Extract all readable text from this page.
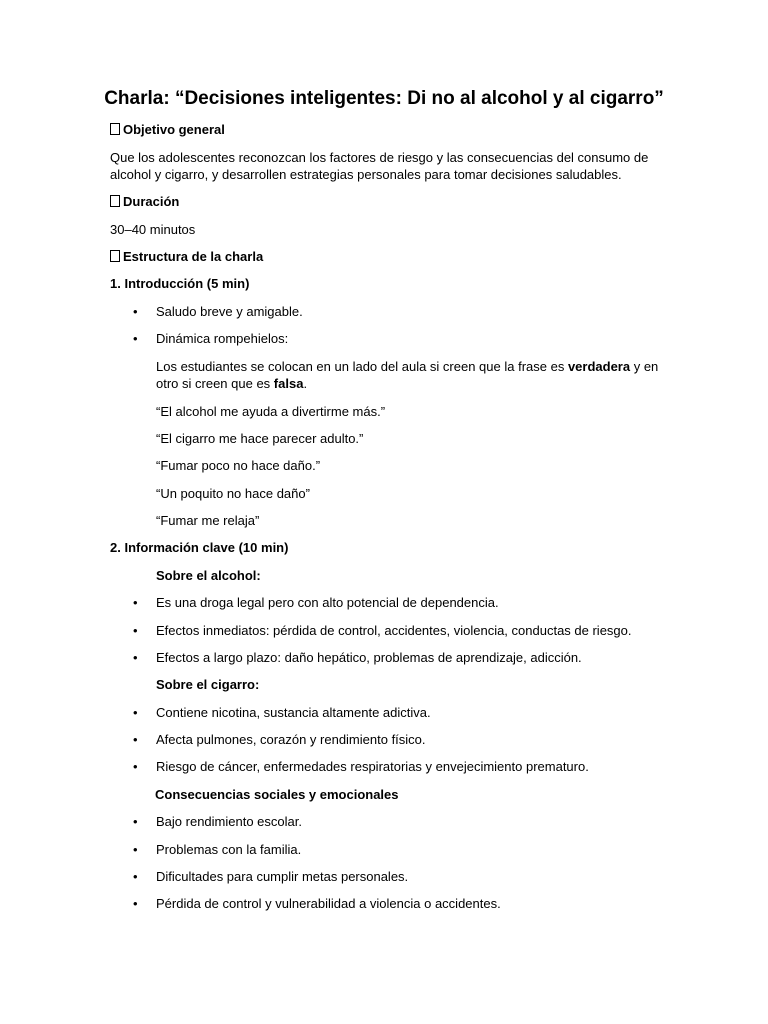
Charla: “Decisiones inteligentes: Di no al alcohol y al cigarro”
Objetivo general
Que los adolescentes reconozcan los factores de riesgo y las consecuencias del consumo de
alcohol y cigarro, y desarrollen estrategias personales para tomar decisiones saludables.
Duración
30–40 minutos
Estructura de la charla
1. Introducción (5 min)
• Saludo breve y amigable.
• Dinámica rompehielos:
Los estudiantes se colocan en un lado del aula si creen que la frase es verdadera y en
otro si creen que es falsa.
“El alcohol me ayuda a divertirme más.”
“El cigarro me hace parecer adulto.”
“Fumar poco no hace daño.”
“Un poquito no hace daño”
“Fumar me relaja”
2. Información clave (10 min)
Sobre el alcohol:
• Es una droga legal pero con alto potencial de dependencia.
• Efectos inmediatos: pérdida de control, accidentes, violencia, conductas de riesgo.
• Efectos a largo plazo: daño hepático, problemas de aprendizaje, adicción.
Sobre el cigarro:
• Contiene nicotina, sustancia altamente adictiva.
• Afecta pulmones, corazón y rendimiento físico.
• Riesgo de cáncer, enfermedades respiratorias y envejecimiento prematuro.
Consecuencias sociales y emocionales
• Bajo rendimiento escolar.
• Problemas con la familia.
• Dificultades para cumplir metas personales.
• Pérdida de control y vulnerabilidad a violencia o accidentes.
